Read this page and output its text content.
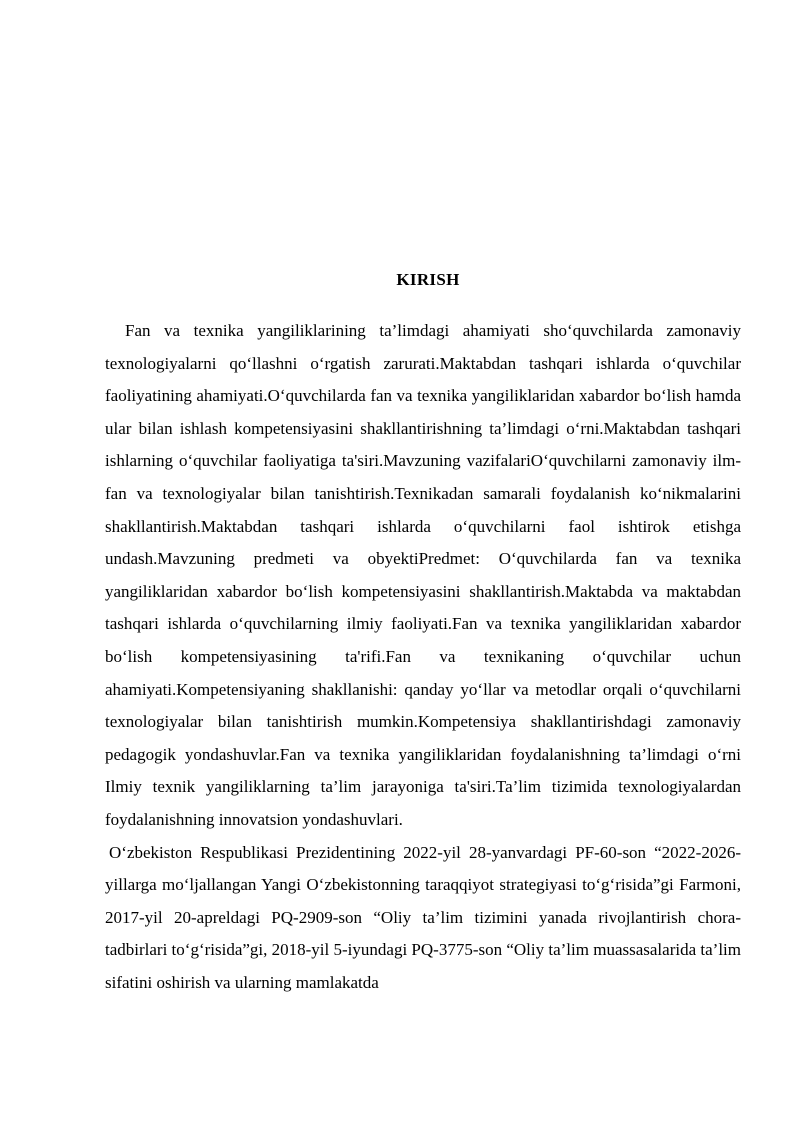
KIRISH

Fan va texnika yangiliklarining ta’limdagi ahamiyati sho‘quvchilarda zamonaviy texnologiyalarni qo‘llashni o‘rgatish zarurati.Maktabdan tashqari ishlarda o‘quvchilar faoliyatining ahamiyati.O‘quvchilarda fan va texnika yangiliklaridan xabardor bo‘lish hamda ular bilan ishlash kompetensiyasini shakllantirishning ta’limdagi o‘rni.Maktabdan tashqari ishlarning o‘quvchilar faoliyatiga ta'siri.Mavzuning vazifalariO‘quvchilarni zamonaviy ilm-fan va texnologiyalar bilan tanishtirish.Texnikadan samarali foydalanish ko‘nikmalarini shakllantirish.Maktabdan tashqari ishlarda o‘quvchilarni faol ishtirok etishga undash.Mavzuning predmeti va obyektiPredmet: O‘quvchilarda fan va texnika yangiliklaridan xabardor bo‘lish kompetensiyasini shakllantirish.Maktabda va maktabdan tashqari ishlarda o‘quvchilarning ilmiy faoliyati.Fan va texnika yangiliklaridan xabardor bo‘lish kompetensiyasining ta'rifi.Fan va texnikaning o‘quvchilar uchun ahamiyati.Kompetensiyaning shakllanishi: qanday yo‘llar va metodlar orqali o‘quvchilarni texnologiyalar bilan tanishtirish mumkin.Kompetensiya shakllantirishdagi zamonaviy pedagogik yondashuvlar.Fan va texnika yangiliklaridan foydalanishning ta’limdagi o‘rni Ilmiy texnik yangiliklarning ta’lim jarayoniga ta'siri.Ta’lim tizimida texnologiyalardan foydalanishning innovatsion yondashuvlari.

O‘zbekiston Respublikasi Prezidentining 2022-yil 28-yanvardagi PF-60-son “2022-2026-yillarga mo‘ljallangan Yangi O‘zbekistonning taraqqiyot strategiyasi to‘g‘risida”gi Farmoni, 2017-yil 20-apreldagi PQ-2909-son “Oliy ta’lim tizimini yanada rivojlantirish chora-tadbirlari to‘g‘risida”gi, 2018-yil 5-iyundagi PQ-3775-son “Oliy ta’lim muassasalarida ta’lim sifatini oshirish va ularning mamlakatda
